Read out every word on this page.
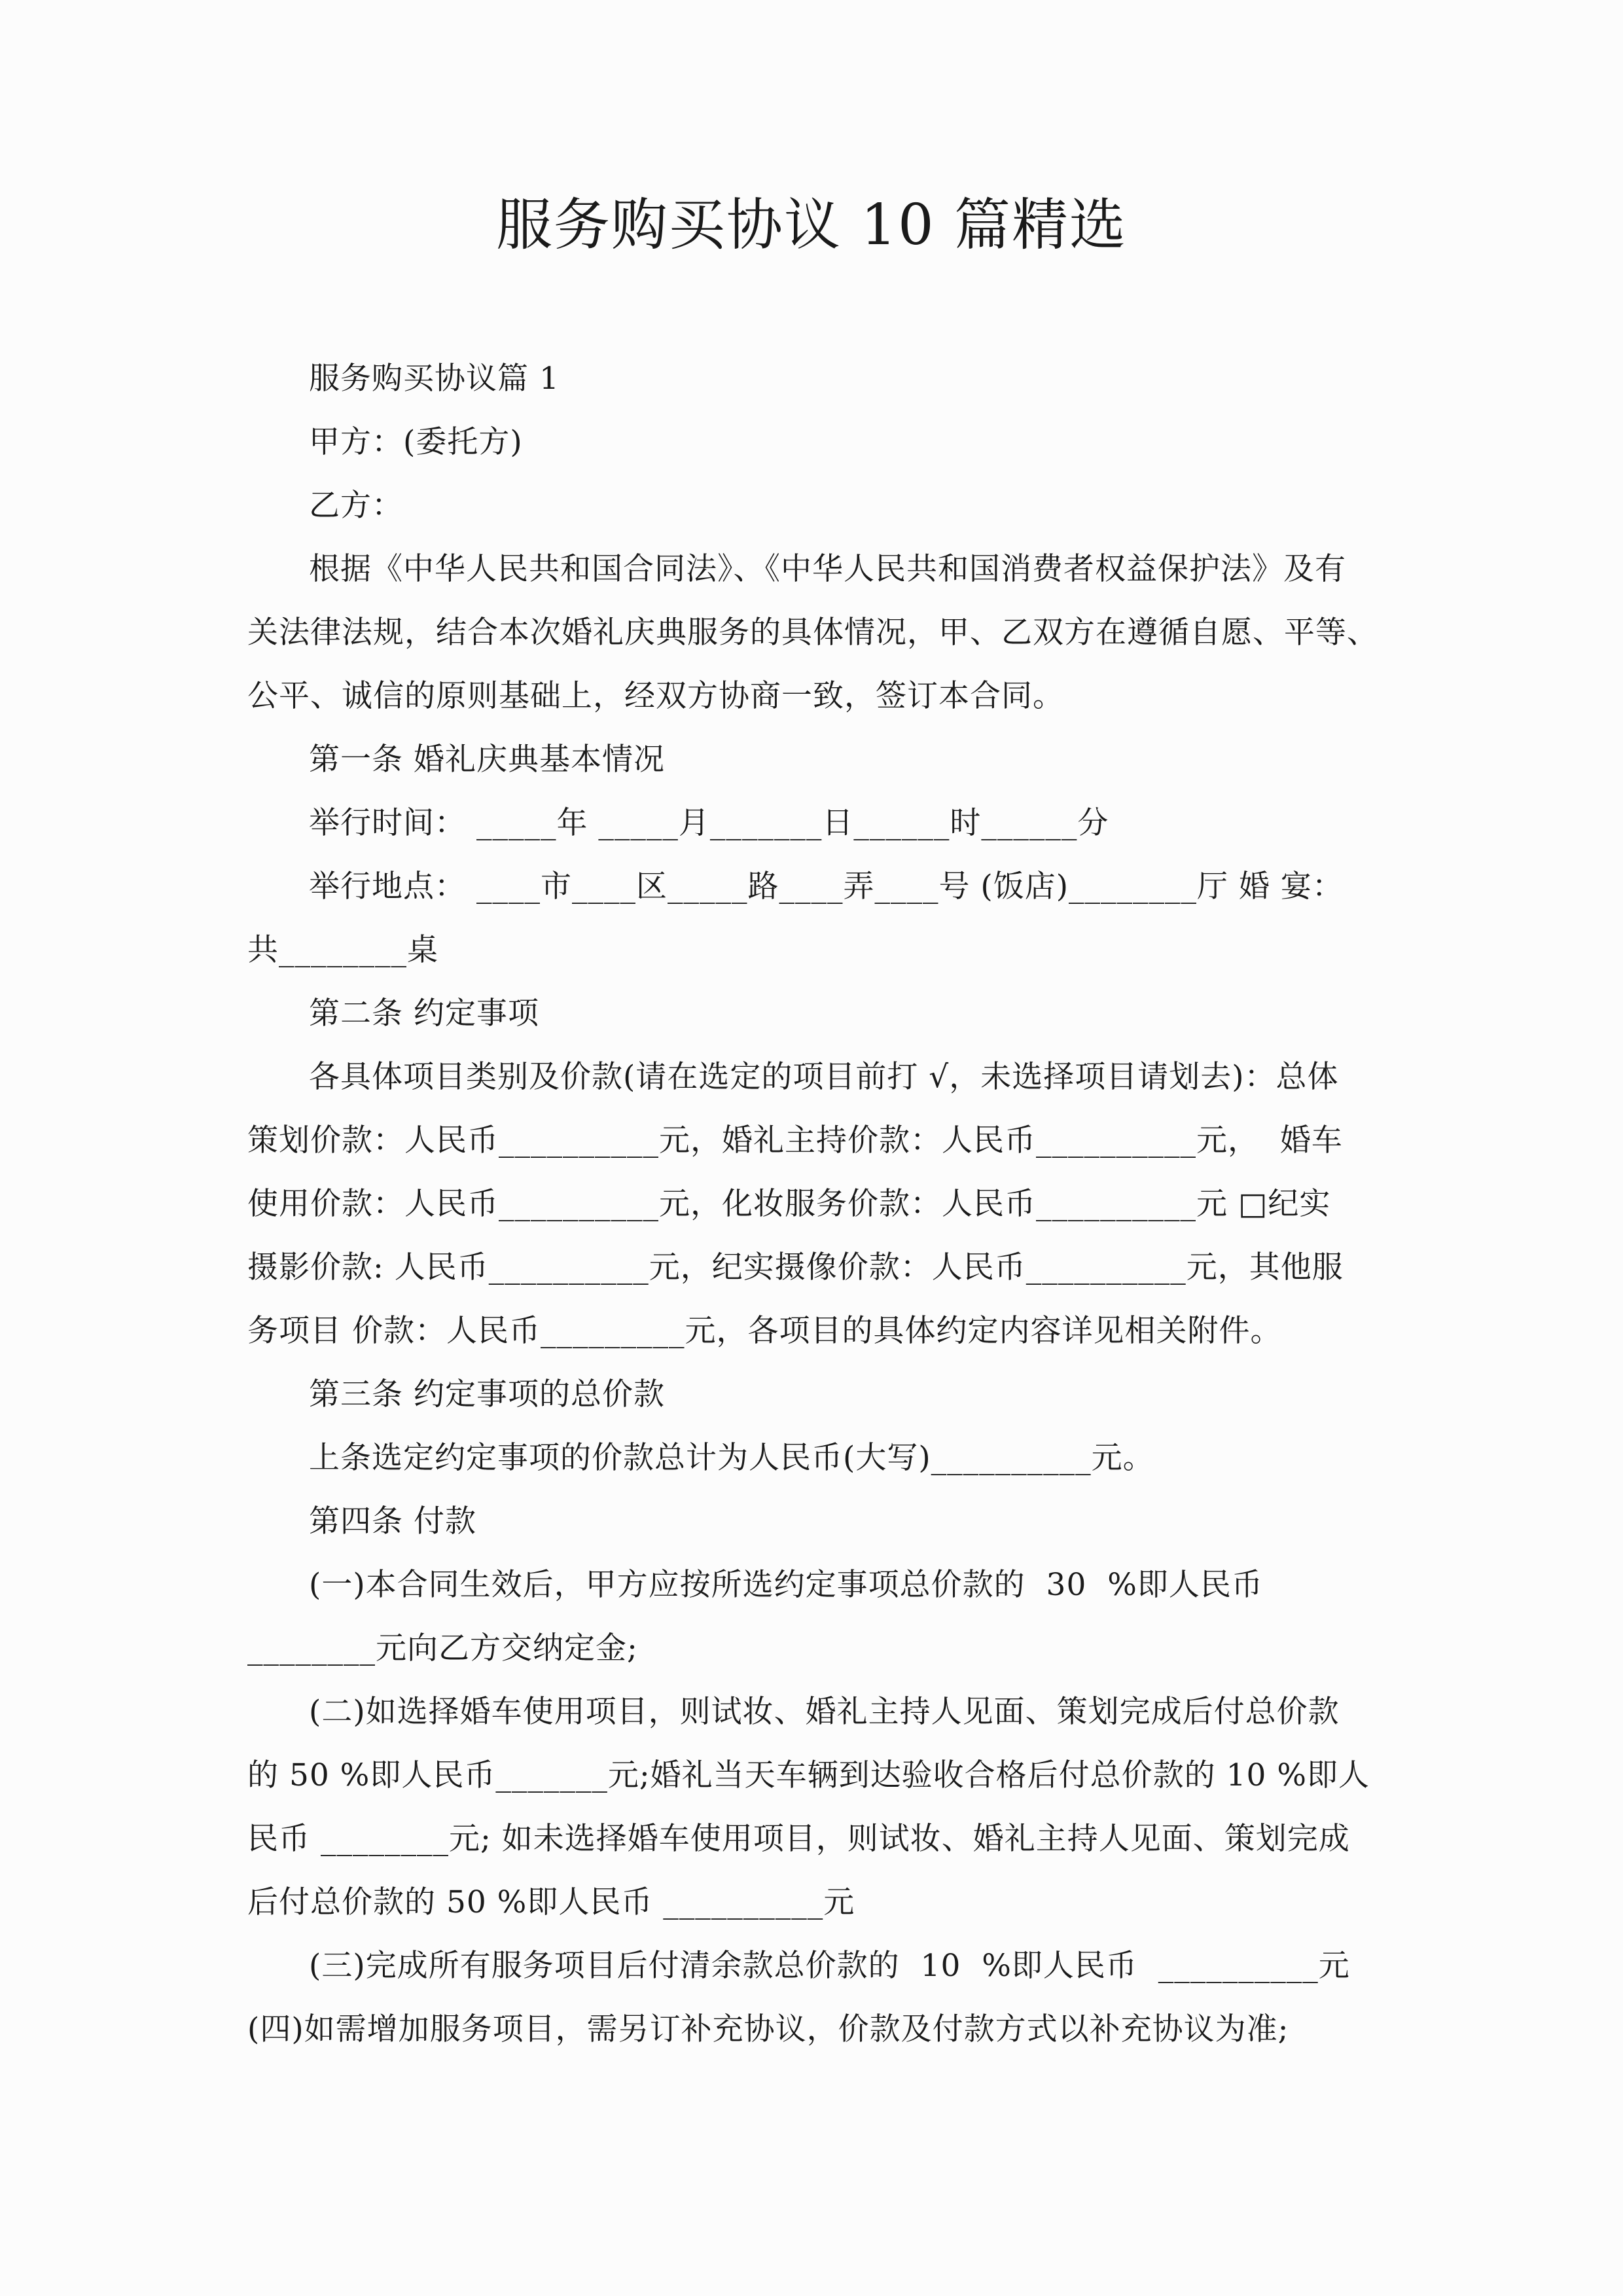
服务购买协议 10 篇精选
服务购买协议篇 1
甲方：(委托方)
乙方：
根据《中华人民共和国合同法》、《中华人民共和国消费者权益保护法》及有
关法律法规，结合本次婚礼庆典服务的具体情况，甲、乙双方在遵循自愿、平等、
公平、诚信的原则基础上，经双方协商一致，签订本合同。
第一条 婚礼庆典基本情况
举行时间： _____年 _____月_______日______时______分
举行地点： ____市____区_____路____弄____号 (饭店)________厅 婚 宴：
共________桌
第二条 约定事项
各具体项目类别及价款(请在选定的项目前打 √，未选择项目请划去)：总体
策划价款：人民币__________元，婚礼主持价款：人民币__________元，  婚车
使用价款：人民币__________元，化妆服务价款：人民币__________元 □纪实
摄影价款: 人民币__________元，纪实摄像价款：人民币__________元，其他服
务项目 价款：人民币_________元，各项目的具体约定内容详见相关附件。
第三条 约定事项的总价款
上条选定约定事项的价款总计为人民币(大写)__________元。
第四条 付款
(一)本合同生效后，甲方应按所选约定事项总价款的  30  %即人民币
________元向乙方交纳定金;
(二)如选择婚车使用项目，则试妆、婚礼主持人见面、策划完成后付总价款
的 50 %即人民币_______元;婚礼当天车辆到达验收合格后付总价款的 10 %即人
民币 ________元; 如未选择婚车使用项目，则试妆、婚礼主持人见面、策划完成
后付总价款的 50 %即人民币 __________元
(三)完成所有服务项目后付清余款总价款的  10  %即人民币  __________元
(四)如需增加服务项目，需另订补充协议，价款及付款方式以补充协议为准;
